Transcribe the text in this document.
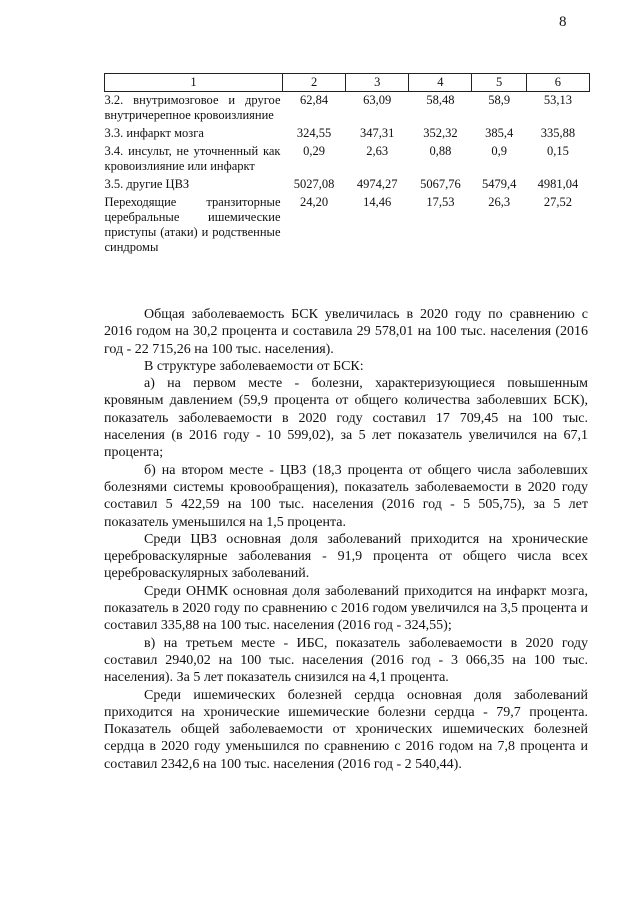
8
1	2	3	4	5	6
3.2. внутримозговое и другое внутричерепное кровоизлияние	62,84	63,09	58,48	58,9	53,13
3.3. инфаркт мозга	324,55	347,31	352,32	385,4	335,88
3.4. инсульт, не уточненный как кровоизлияние или инфаркт	0,29	2,63	0,88	0,9	0,15
3.5. другие ЦВЗ	5027,08	4974,27	5067,76	5479,4	4981,04
Переходящие транзиторные церебральные ишемические приступы (атаки) и родственные синдромы	24,20	14,46	17,53	26,3	27,52

Общая заболеваемость БСК увеличилась в 2020 году по сравнению с 2016 годом на 30,2 процента и составила 29 578,01 на 100 тыс. населения (2016 год - 22 715,26 на 100 тыс. населения).

В структуре заболеваемости от БСК:

а) на первом месте - болезни, характеризующиеся повышенным кровяным давлением (59,9 процента от общего количества заболевших БСК), показатель заболеваемости в 2020 году составил 17 709,45 на 100 тыс. населения (в 2016 году - 10 599,02), за 5 лет показатель увеличился на 67,1 процента;

б) на втором месте - ЦВЗ (18,3 процента от общего числа заболевших болезнями системы кровообращения), показатель заболеваемости в 2020 году составил 5 422,59 на 100 тыс. населения (2016 год - 5 505,75), за 5 лет показатель уменьшился на 1,5 процента.

Среди ЦВЗ основная доля заболеваний приходится на хронические цереброваскулярные заболевания - 91,9 процента от общего числа всех цереброваскулярных заболеваний.

Среди ОНМК основная доля заболеваний приходится на инфаркт мозга, показатель в 2020 году по сравнению с 2016 годом увеличился на 3,5 процента и составил 335,88 на 100 тыс. населения (2016 год - 324,55);

в) на третьем месте - ИБС, показатель заболеваемости в 2020 году составил 2940,02 на 100 тыс. населения (2016 год - 3 066,35 на 100 тыс. населения). За 5 лет показатель снизился на 4,1 процента.

Среди ишемических болезней сердца основная доля заболеваний приходится на хронические ишемические болезни сердца - 79,7 процента. Показатель общей заболеваемости от хронических ишемических болезней сердца в 2020 году уменьшился по сравнению с 2016 годом на 7,8 процента и составил 2342,6 на 100 тыс. населения (2016 год - 2 540,44).
